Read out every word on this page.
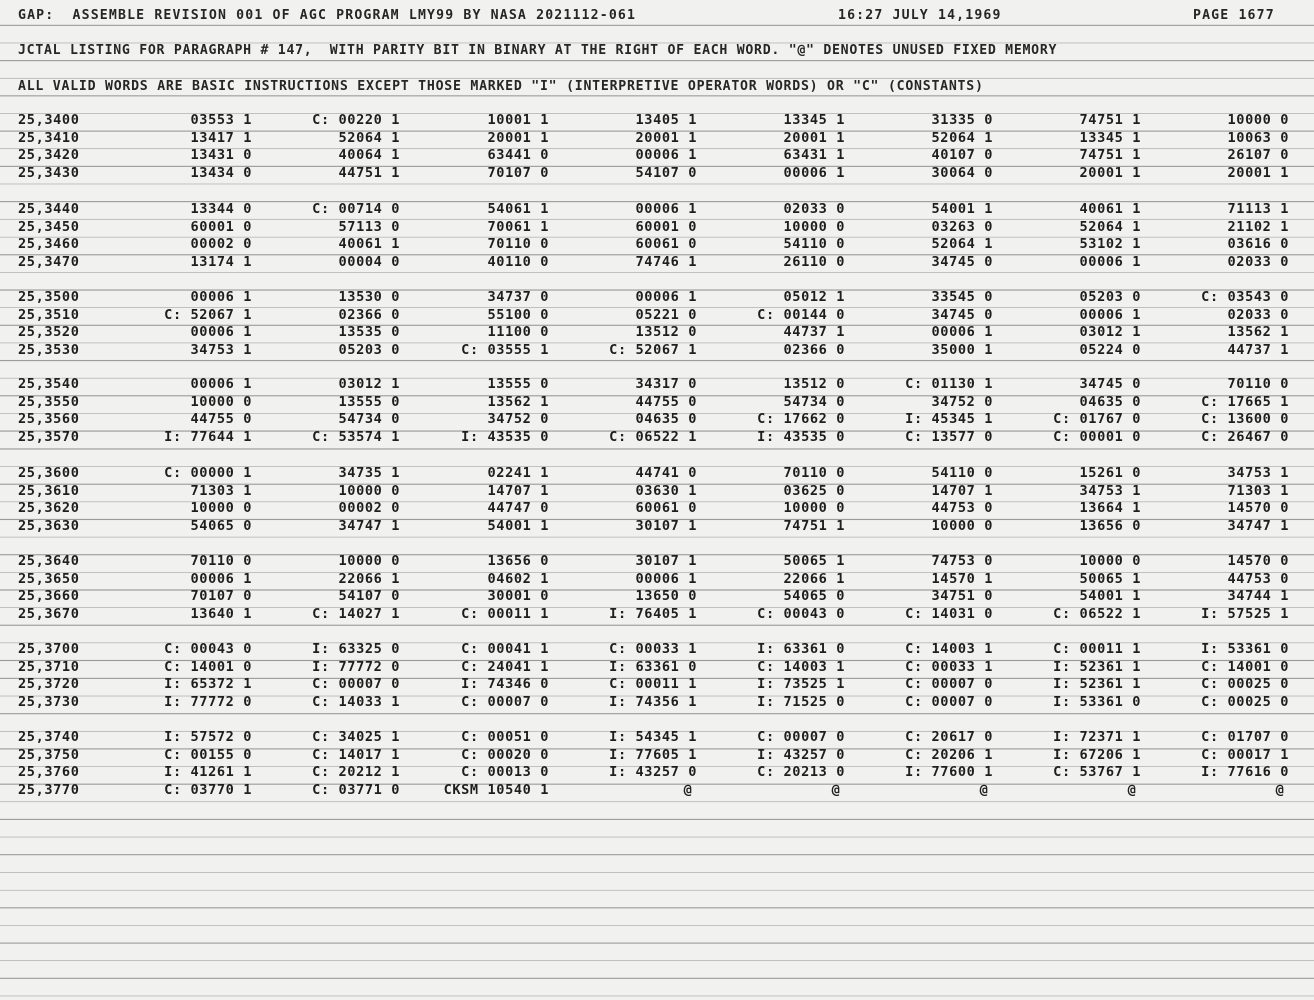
GAP:  ASSEMBLE REVISION 001 OF AGC PROGRAM LMY99 BY NASA 2021112-061

	16:27 JULY 14,1969

	PAGE 1677

JCTAL LISTING FOR PARAGRAPH # 147,  WITH PARITY BIT IN BINARY AT THE RIGHT OF EACH WORD. "@" DENOTES UNUSED FIXED MEMORY
ALL VALID WORDS ARE BASIC INSTRUCTIONS EXCEPT THOSE MARKED "I" (INTERPRETIVE OPERATOR WORDS) OR "C" (CONSTANTS)
25,3400	03553 1	C: 00220 1	10001 1	13405 1	13345 1	31335 0	74751 1	10000 0
25,3410	13417 1	52064 1	20001 1	20001 1	20001 1	52064 1	13345 1	10063 0
25,3420	13431 0	40064 1	63441 0	00006 1	63431 1	40107 0	74751 1	26107 0
25,3430	13434 0	44751 1	70107 0	54107 0	00006 1	30064 0	20001 1	20001 1
25,3440	13344 0	C: 00714 0	54061 1	00006 1	02033 0	54001 1	40061 1	71113 1
25,3450	60001 0	57113 0	70061 1	60001 0	10000 0	03263 0	52064 1	21102 1
25,3460	00002 0	40061 1	70110 0	60061 0	54110 0	52064 1	53102 1	03616 0
25,3470	13174 1	00004 0	40110 0	74746 1	26110 0	34745 0	00006 1	02033 0
25,3500	00006 1	13530 0	34737 0	00006 1	05012 1	33545 0	05203 0	C: 03543 0
25,3510	C: 52067 1	02366 0	55100 0	05221 0	C: 00144 0	34745 0	00006 1	02033 0
25,3520	00006 1	13535 0	11100 0	13512 0	44737 1	00006 1	03012 1	13562 1
25,3530	34753 1	05203 0	C: 03555 1	C: 52067 1	02366 0	35000 1	05224 0	44737 1
25,3540	00006 1	03012 1	13555 0	34317 0	13512 0	C: 01130 1	34745 0	70110 0
25,3550	10000 0	13555 0	13562 1	44755 0	54734 0	34752 0	04635 0	C: 17665 1
25,3560	44755 0	54734 0	34752 0	04635 0	C: 17662 0	I: 45345 1	C: 01767 0	C: 13600 0
25,3570	I: 77644 1	C: 53574 1	I: 43535 0	C: 06522 1	I: 43535 0	C: 13577 0	C: 00001 0	C: 26467 0
25,3600	C: 00000 1	34735 1	02241 1	44741 0	70110 0	54110 0	15261 0	34753 1
25,3610	71303 1	10000 0	14707 1	03630 1	03625 0	14707 1	34753 1	71303 1
25,3620	10000 0	00002 0	44747 0	60061 0	10000 0	44753 0	13664 1	14570 0
25,3630	54065 0	34747 1	54001 1	30107 1	74751 1	10000 0	13656 0	34747 1
25,3640	70110 0	10000 0	13656 0	30107 1	50065 1	74753 0	10000 0	14570 0
25,3650	00006 1	22066 1	04602 1	00006 1	22066 1	14570 1	50065 1	44753 0
25,3660	70107 0	54107 0	30001 0	13650 0	54065 0	34751 0	54001 1	34744 1
25,3670	13640 1	C: 14027 1	C: 00011 1	I: 76405 1	C: 00043 0	C: 14031 0	C: 06522 1	I: 57525 1
25,3700	C: 00043 0	I: 63325 0	C: 00041 1	C: 00033 1	I: 63361 0	C: 14003 1	C: 00011 1	I: 53361 0
25,3710	C: 14001 0	I: 77772 0	C: 24041 1	I: 63361 0	C: 14003 1	C: 00033 1	I: 52361 1	C: 14001 0
25,3720	I: 65372 1	C: 00007 0	I: 74346 0	C: 00011 1	I: 73525 1	C: 00007 0	I: 52361 1	C: 00025 0
25,3730	I: 77772 0	C: 14033 1	C: 00007 0	I: 74356 1	I: 71525 0	C: 00007 0	I: 53361 0	C: 00025 0
25,3740	I: 57572 0	C: 34025 1	C: 00051 0	I: 54345 1	C: 00007 0	C: 20617 0	I: 72371 1	C: 01707 0
25,3750	C: 00155 0	C: 14017 1	C: 00020 0	I: 77605 1	I: 43257 0	C: 20206 1	I: 67206 1	C: 00017 1
25,3760	I: 41261 1	C: 20212 1	C: 00013 0	I: 43257 0	C: 20213 0	I: 77600 1	C: 53767 1	I: 77616 0
25,3770	C: 03770 1	C: 03771 0	CKSM 10540 1	@	@	@	@	@
